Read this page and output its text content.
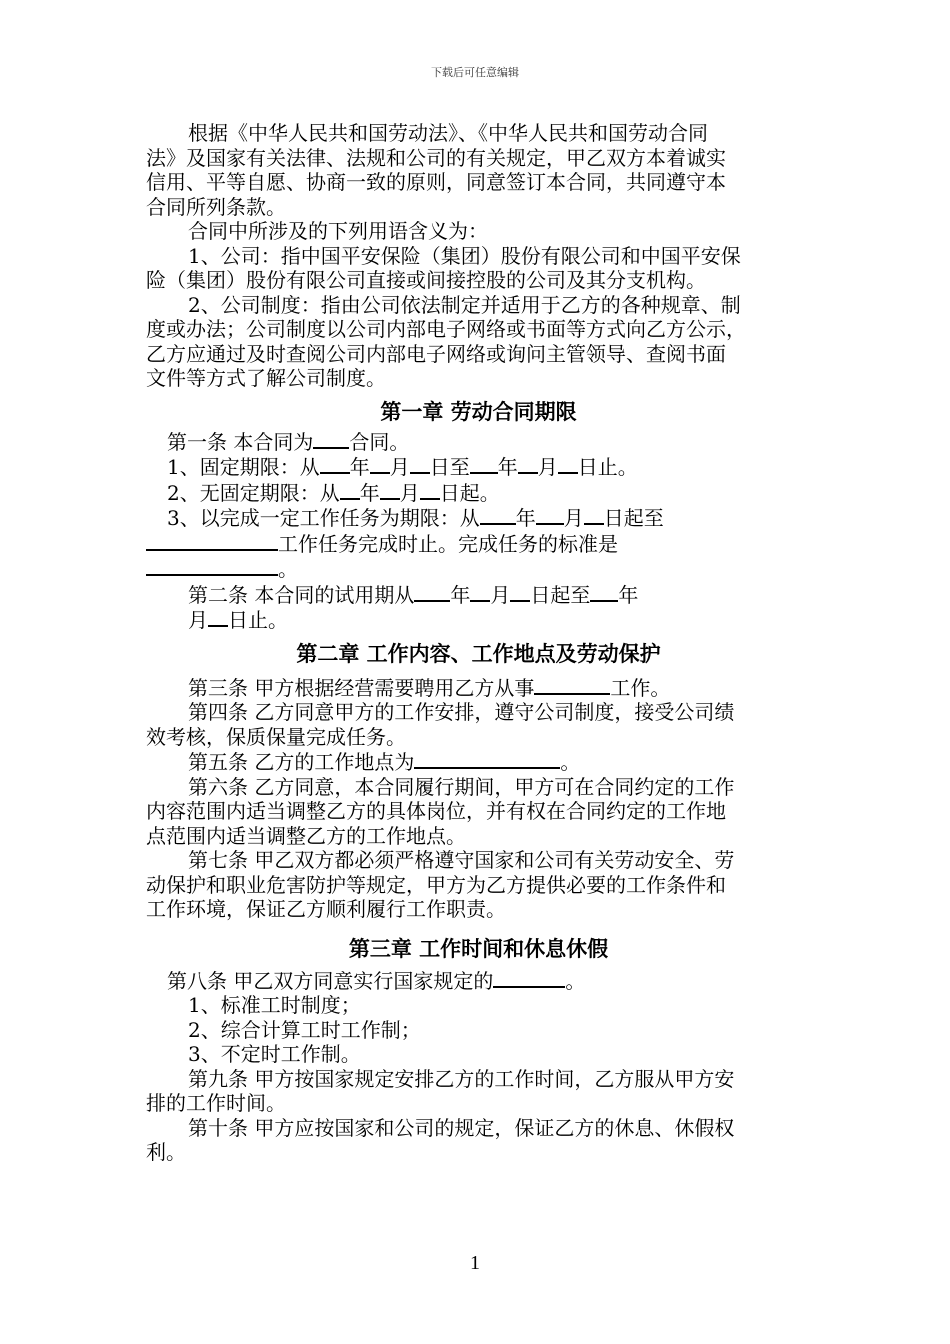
下载后可任意编辑

根据《中华人民共和国劳动法》、《中华人民共和国劳动合同

法》及国家有关法律、法规和公司的有关规定，甲乙双方本着诚实

信用、平等自愿、协商一致的原则，同意签订本合同，共同遵守本

合同所列条款。

合同中所涉及的下列用语含义为：

1、公司：指中国平安保险（集团）股份有限公司和中国平安保

险（集团）股份有限公司直接或间接控股的公司及其分支机构。

2、公司制度：指由公司依法制定并适用于乙方的各种规章、制

度或办法；公司制度以公司内部电子网络或书面等方式向乙方公示，

乙方应通过及时查阅公司内部电子网络或询问主管领导、查阅书面

文件等方式了解公司制度。

第一章 劳动合同期限

第一条 本合同为 合同。

1、固定期限：从 年 月 日至 年 月 日止。

2、无固定期限：从 年 月 日起。

3、以完成一定工作任务为期限：从 年 月 日起至

工作任务完成时止。完成任务的标准是

。

第二条 本合同的试用期从 年 月 日起至 年

月 日止。

第二章 工作内容、工作地点及劳动保护

第三条 甲方根据经营需要聘用乙方从事	工作。

第四条 乙方同意甲方的工作安排，遵守公司制度，接受公司绩

效考核，保质保量完成任务。

第五条 乙方的工作地点为	。

第六条 乙方同意，本合同履行期间，甲方可在合同约定的工作

内容范围内适当调整乙方的具体岗位，并有权在合同约定的工作地

点范围内适当调整乙方的工作地点。

第七条 甲乙双方都必须严格遵守国家和公司有关劳动安全、劳

动保护和职业危害防护等规定，甲方为乙方提供必要的工作条件和

工作环境，保证乙方顺利履行工作职责。

第三章 工作时间和休息休假

第八条 甲乙双方同意实行国家规定的	。

1、标准工时制度；

2、综合计算工时工作制；

3、不定时工作制。

第九条 甲方按国家规定安排乙方的工作时间，乙方服从甲方安

排的工作时间。

第十条 甲方应按国家和公司的规定，保证乙方的休息、休假权

利。

1
